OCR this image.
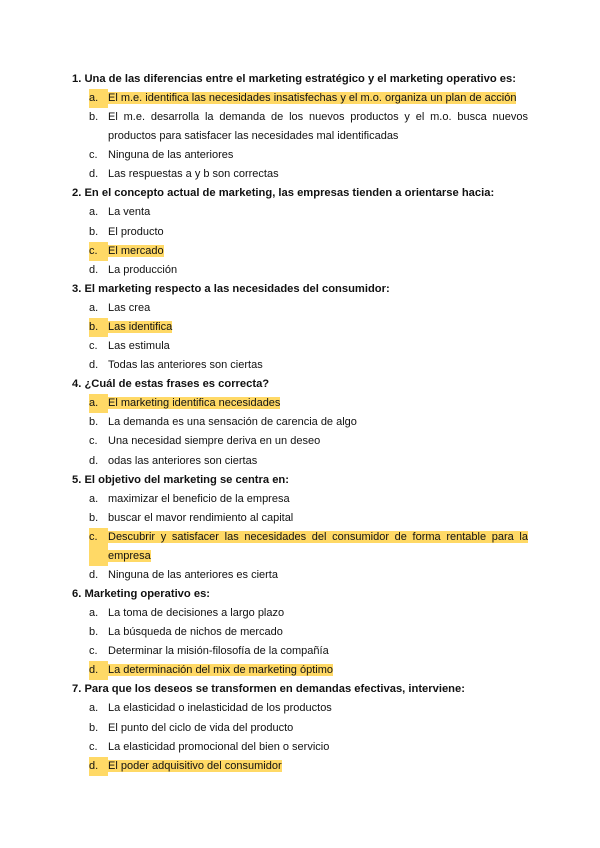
1. Una de las diferencias entre el marketing estratégico y el marketing operativo es:

a. El m.e. identifica las necesidades insatisfechas y el m.o. organiza un plan de acción
b. El m.e. desarrolla la demanda de los nuevos productos y el m.o. busca nuevos productos para satisfacer las necesidades mal identificadas
c. Ninguna de las anteriores
d. Las respuestas a y b son correctas

2. En el concepto actual de marketing, las empresas tienden a orientarse hacia:

a. La venta
b. El producto
c. El mercado
d. La producción

3. El marketing respecto a las necesidades del consumidor:

a. Las crea
b. Las identifica
c. Las estimula
d. Todas las anteriores son ciertas

4. ¿Cuál de estas frases es correcta?

a. El marketing identifica necesidades
b. La demanda es una sensación de carencia de algo
c. Una necesidad siempre deriva en un deseo
d. odas las anteriores son ciertas

5. El objetivo del marketing se centra en:

a. maximizar el beneficio de la empresa
b. buscar el mavor rendimiento al capital
c. Descubrir y satisfacer las necesidades del consumidor de forma rentable para la empresa
d. Ninguna de las anteriores es cierta

6. Marketing operativo es:

a. La toma de decisiones a largo plazo
b. La búsqueda de nichos de mercado
c. Determinar la misión-filosofía de la compañía
d. La determinación del mix de marketing óptimo

7. Para que los deseos se transformen en demandas efectivas, interviene:

a. La elasticidad o inelasticidad de los productos
b. El punto del ciclo de vida del producto
c. La elasticidad promocional del bien o servicio
d. El poder adquisitivo del consumidor
